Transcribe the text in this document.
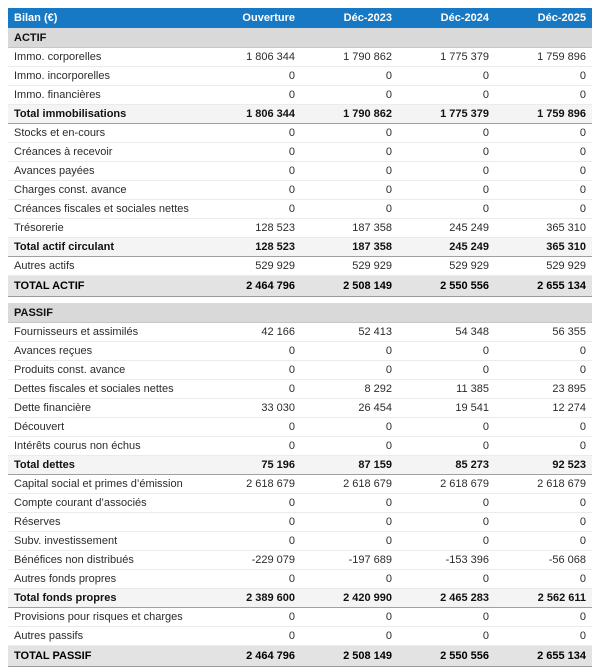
Bilan (€)	Ouverture	Déc-2023	Déc-2024	Déc-2025
ACTIF				
Immo. corporelles	1 806 344	1 790 862	1 775 379	1 759 896
Immo. incorporelles	0	0	0	0
Immo. financières	0	0	0	0
Total immobilisations	1 806 344	1 790 862	1 775 379	1 759 896
Stocks et en-cours	0	0	0	0
Créances à recevoir	0	0	0	0
Avances payées	0	0	0	0
Charges const. avance	0	0	0	0
Créances fiscales et sociales nettes	0	0	0	0
Trésorerie	128 523	187 358	245 249	365 310
Total actif circulant	128 523	187 358	245 249	365 310
Autres actifs	529 929	529 929	529 929	529 929
TOTAL ACTIF	2 464 796	2 508 149	2 550 556	2 655 134

PASSIF				
Fournisseurs et assimilés	42 166	52 413	54 348	56 355
Avances reçues	0	0	0	0
Produits const. avance	0	0	0	0
Dettes fiscales et sociales nettes	0	8 292	11 385	23 895
Dette financière	33 030	26 454	19 541	12 274
Découvert	0	0	0	0
Intérêts courus non échus	0	0	0	0
Total dettes	75 196	87 159	85 273	92 523
Capital social et primes d’émission	2 618 679	2 618 679	2 618 679	2 618 679
Compte courant d’associés	0	0	0	0
Réserves	0	0	0	0
Subv. investissement	0	0	0	0
Bénéfices non distribués	-229 079	-197 689	-153 396	-56 068
Autres fonds propres	0	0	0	0
Total fonds propres	2 389 600	2 420 990	2 465 283	2 562 611
Provisions pour risques et charges	0	0	0	0
Autres passifs	0	0	0	0
TOTAL PASSIF	2 464 796	2 508 149	2 550 556	2 655 134
